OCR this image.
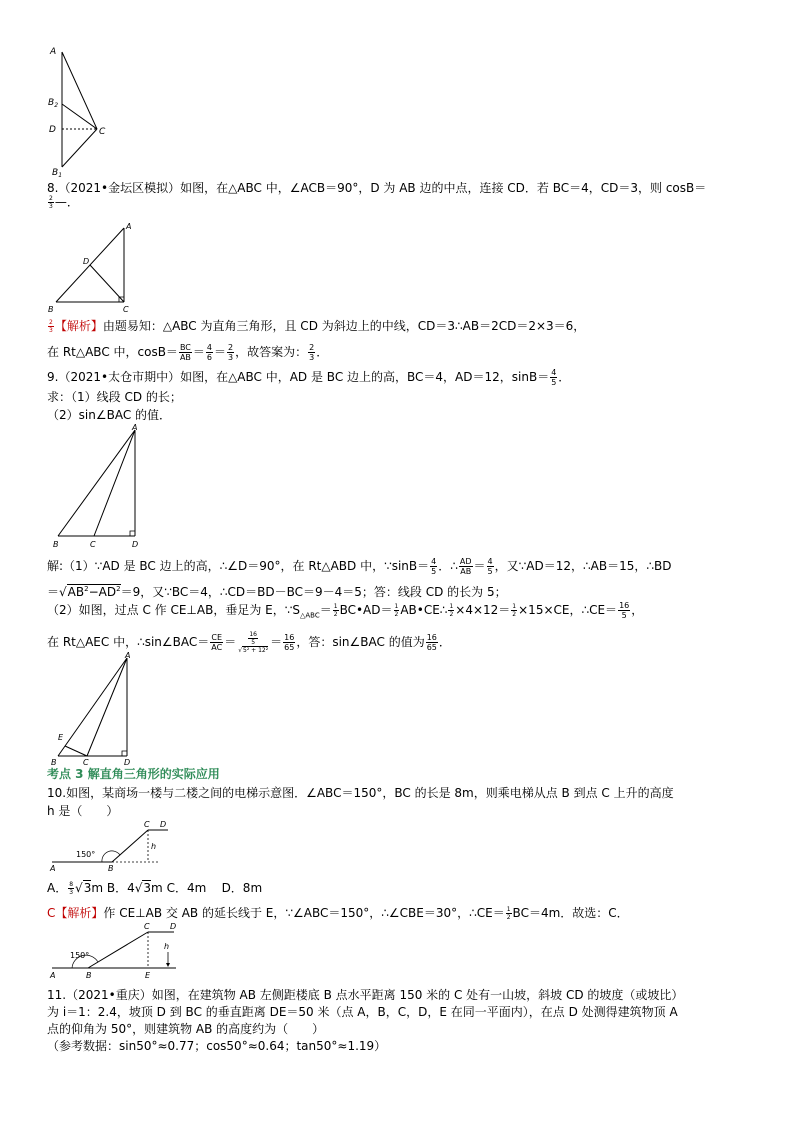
A
$B_2$
D	C
$B_1$
8.（2021•金坛区模拟）如图，在△ABC 中，∠ACB＝90°，D 为 AB 边的中点，连接 CD．若 BC＝4，CD＝3，则 cosB＝
$\frac{2}{3}$ —．
A
D
B	C
$\frac{2}{3}$ 【解析】由题易知：△ABC 为直角三角形，且 CD 为斜边上的中线，CD＝3∴AB＝2CD＝2×3＝6，
在 Rt△ABC 中，$\cos B= \frac{BC}{AB} = \frac{4}{6} = \frac{2}{3}$ ，故答案为： $\frac{2}{3}$ ．
9.（2021•太仓市期中）如图，在△ABC 中，AD 是 BC 边上的高，BC＝4，AD＝12，$\sin B= \frac{4}{5}$ ．
求：（1）线段 CD 的长；
（2）sin∠BAC 的值．
A
B	C	D
解:（1）∵AD 是 BC 边上的高，∴∠D＝90°，在 Rt△ABD 中，∵sinB＝ $\frac{4}{5}$ ．∴ $\frac{AD}{AB} = \frac{4}{5}$ ，又∵AD＝12，∴AB＝15，∴BD
$=√AB^2-AD^2=9$，又∵BC＝4，∴CD＝BD－BC＝9－4＝5；答：线段 CD 的长为 5；
（2）如图，过点 C 作 CE⊥AB，垂足为 E，$\because S_{\triangle ABC}= \frac{1}{2}$ BC•AD＝ $\frac{1}{2}$ AB•CE∴ $\frac{1}{2} \times 4\times 12= \frac{1}{2} \times 15\times CE$，∴CE＝ $\frac{16}{5}$ ，
在 Rt△AEC 中，∴sin∠BAC＝ $\frac{CE}{AC} = \frac{\frac{16}{5}}{\text{√5² + 12²}} = \frac{16}{65}$ ，答：sin∠BAC 的值为 $\frac{16}{65}$ ．
A
E
B	C	D
考点 3 解直角三角形的实际应用
10.如图，某商场一楼与二楼之间的电梯示意图．∠ABC＝150°，BC 的长是 8m，则乘电梯从点 B 到点 C 上升的高度
h 是（　　）
C D
h
150°
A	B
A． $\frac{8}{3} √3m$ B．4√3m C．4m D．8m
C【解析】作 CE⊥AB 交 AB 的延长线于 E，∵∠ABC＝150°，∴∠CBE＝30°，∴CE＝ $\frac{1}{2} BC=4m$．故选：C．
C	D
h
150°
A	B	E
11.（2021•重庆）如图，在建筑物 AB 左侧距楼底 B 点水平距离 150 米的 C 处有一山坡，斜坡 CD 的坡度（或坡比）
为 i＝1：2.4，坡顶 D 到 BC 的垂直距离 DE＝50 米（点 A，B，C，D，E 在同一平面内），在点 D 处测得建筑物顶 A
点的仰角为 50°，则建筑物 AB 的高度约为（　　）
（参考数据：sin50°≈0.77；cos50°≈0.64；tan50°≈1.19）
